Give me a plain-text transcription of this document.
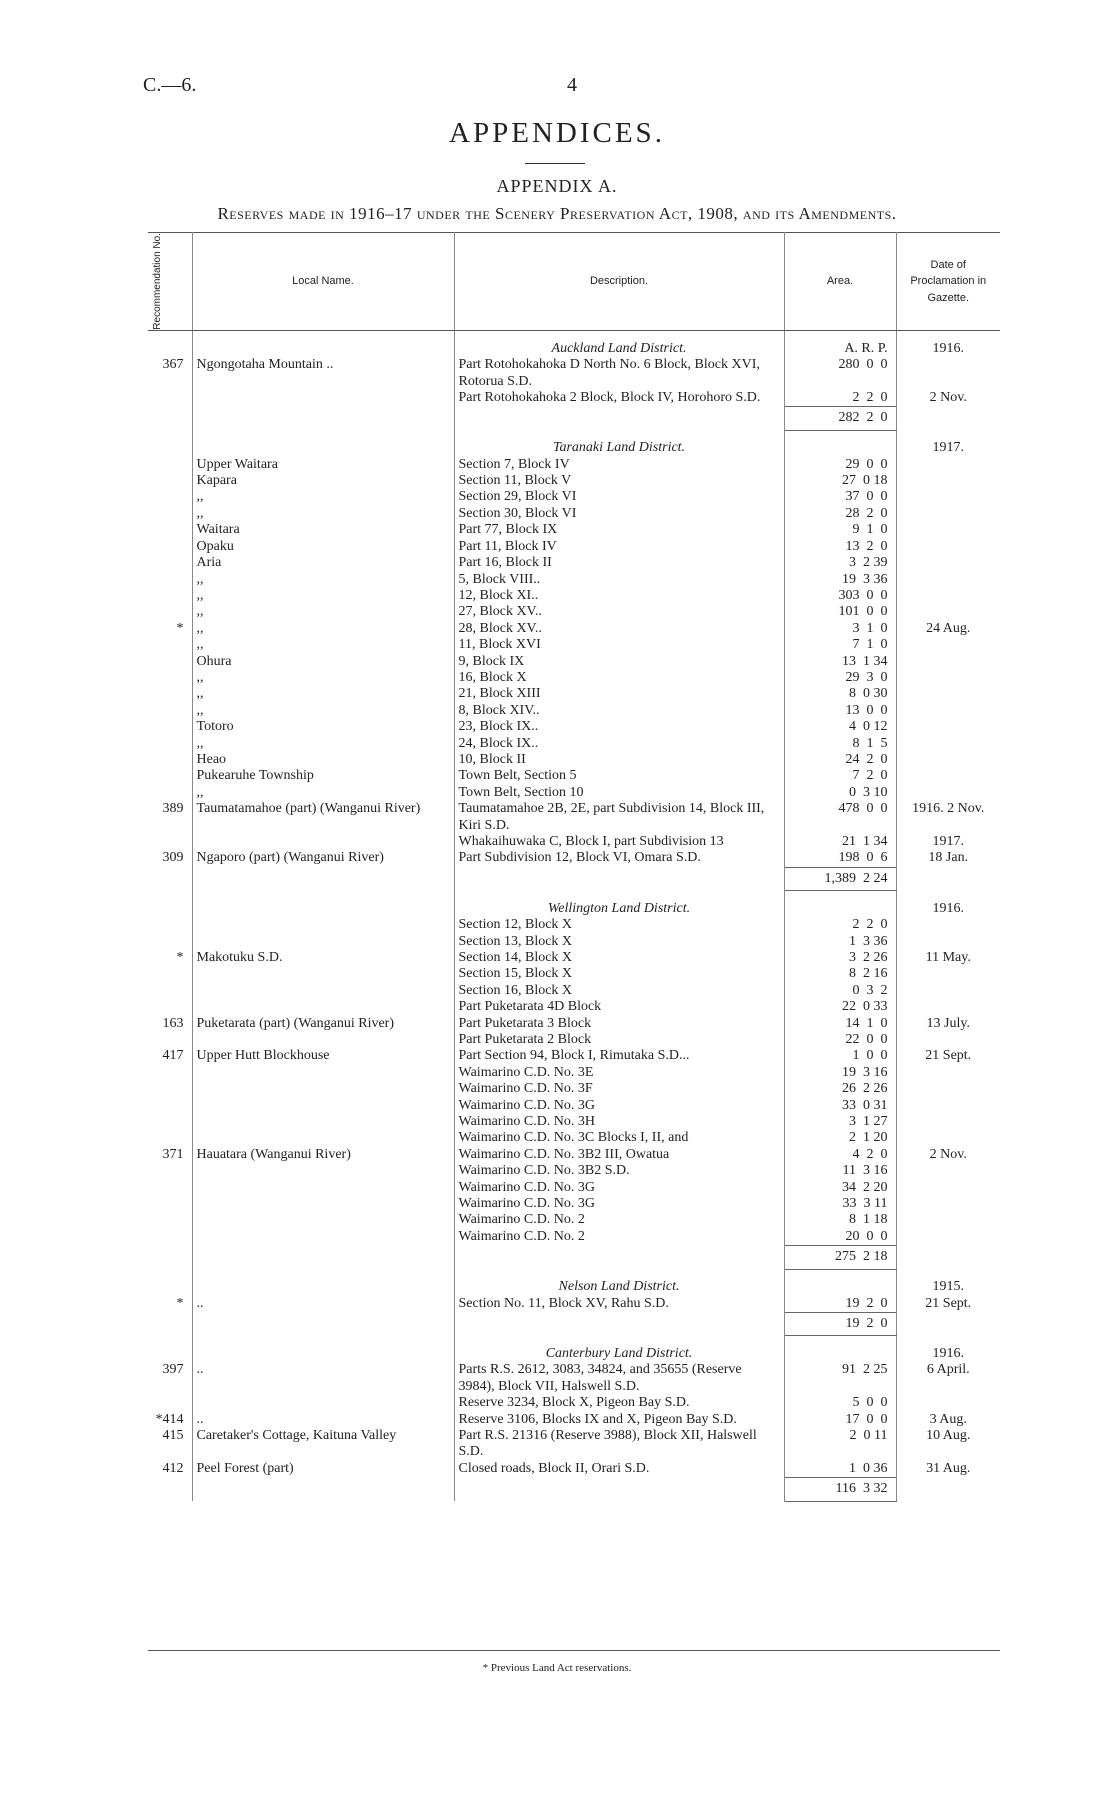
C.—6.	4
APPENDICES.
APPENDIX A.
Reserves made in 1916–17 under the Scenery Preservation Act, 1908, and its Amendments.
Recommendation No.	Local Name.	Description.	Area.	Date of Proclamation in Gazette.
		Auckland Land District.	A. R. P.	1916.
367	Ngongotaha Mountain ..	Part Rotohokahoka D North No. 6 Block, Block XVI, Rotorua S.D.	280  0  0	
		Part Rotohokahoka 2 Block, Block IV, Horohoro S.D.	2  2  0	2 Nov.
			282  2  0	
		Taranaki Land District.		1917.
	Upper Waitara	Section 7, Block IV	29  0  0	
	Kapara	Section 11, Block V	27  0 18	
	,,	Section 29, Block VI	37  0  0	
	,,	Section 30, Block VI	28  2  0	
	Waitara	Part 77, Block IX	9  1  0	
	Opaku	Part 11, Block IV	13  2  0	
	Aria	Part 16, Block II	3  2 39	
	,,	5, Block VIII..	19  3 36	
	,,	12, Block XI..	303  0  0	
	,,	27, Block XV..	101  0  0	
*	,,	28, Block XV..	3  1  0	24 Aug.
	,,	11, Block XVI	7  1  0	
	Ohura	9, Block IX	13  1 34	
	,,	16, Block X	29  3  0	
	,,	21, Block XIII	8  0 30	
	,,	8, Block XIV..	13  0  0	
	Totoro	23, Block IX..	4  0 12	
	,,	24, Block IX..	8  1  5	
	Heao	10, Block II	24  2  0	
	Pukearuhe Township	Town Belt, Section 5	7  2  0	
	,,	Town Belt, Section 10	0  3 10	
389	Taumatamahoe (part) (Wanganui River)	Taumatamahoe 2B, 2E, part Subdivision 14, Block III, Kiri S.D.	478  0  0	1916. 2 Nov.
		Whakaihuwaka C, Block I, part Subdivision 13	21  1 34	1917.
309	Ngaporo (part) (Wanganui River)	Part Subdivision 12, Block VI, Omara S.D.	198  0  6	18 Jan.
			1,389  2 24	
		Wellington Land District.		1916.
		Section 12, Block X	2  2  0	
		Section 13, Block X	1  3 36	
*	Makotuku S.D.	Section 14, Block X	3  2 26	11 May.
		Section 15, Block X	8  2 16	
		Section 16, Block X	0  3  2	
		Part Puketarata 4D Block	22  0 33	
163	Puketarata (part) (Wanganui River)	Part Puketarata 3 Block	14  1  0	13 July.
		Part Puketarata 2 Block	22  0  0	
417	Upper Hutt Blockhouse	Part Section 94, Block I, Rimutaka S.D...	1  0  0	21 Sept.
		Waimarino C.D. No. 3E	19  3 16	
		Waimarino C.D. No. 3F	26  2 26	
		Waimarino C.D. No. 3G	33  0 31	
		Waimarino C.D. No. 3H	3  1 27	
		Waimarino C.D. No. 3C Blocks I, II, and	2  1 20	
371	Hauatara (Wanganui River)	Waimarino C.D. No. 3B2 III, Owatua	4  2  0	2 Nov.
		Waimarino C.D. No. 3B2 S.D.	11  3 16	
		Waimarino C.D. No. 3G	34  2 20	
		Waimarino C.D. No. 3G	33  3 11	
		Waimarino C.D. No. 2	8  1 18	
		Waimarino C.D. No. 2	20  0  0	
			275  2 18	
		Nelson Land District.		1915.
*	..	Section No. 11, Block XV, Rahu S.D.	19  2  0	21 Sept.
			19  2  0	
		Canterbury Land District.		1916.
397	..	Parts R.S. 2612, 3083, 34824, and 35655 (Reserve 3984), Block VII, Halswell S.D.	91  2 25	6 April.
		Reserve 3234, Block X, Pigeon Bay S.D.	5  0  0	
*414	..	Reserve 3106, Blocks IX and X, Pigeon Bay S.D.	17  0  0	3 Aug.
415	Caretaker's Cottage, Kaituna Valley	Part R.S. 21316 (Reserve 3988), Block XII, Halswell S.D.	2  0 11	10 Aug.
412	Peel Forest (part)	Closed roads, Block II, Orari S.D.	1  0 36	31 Aug.
			116  3 32	
* Previous Land Act reservations.
